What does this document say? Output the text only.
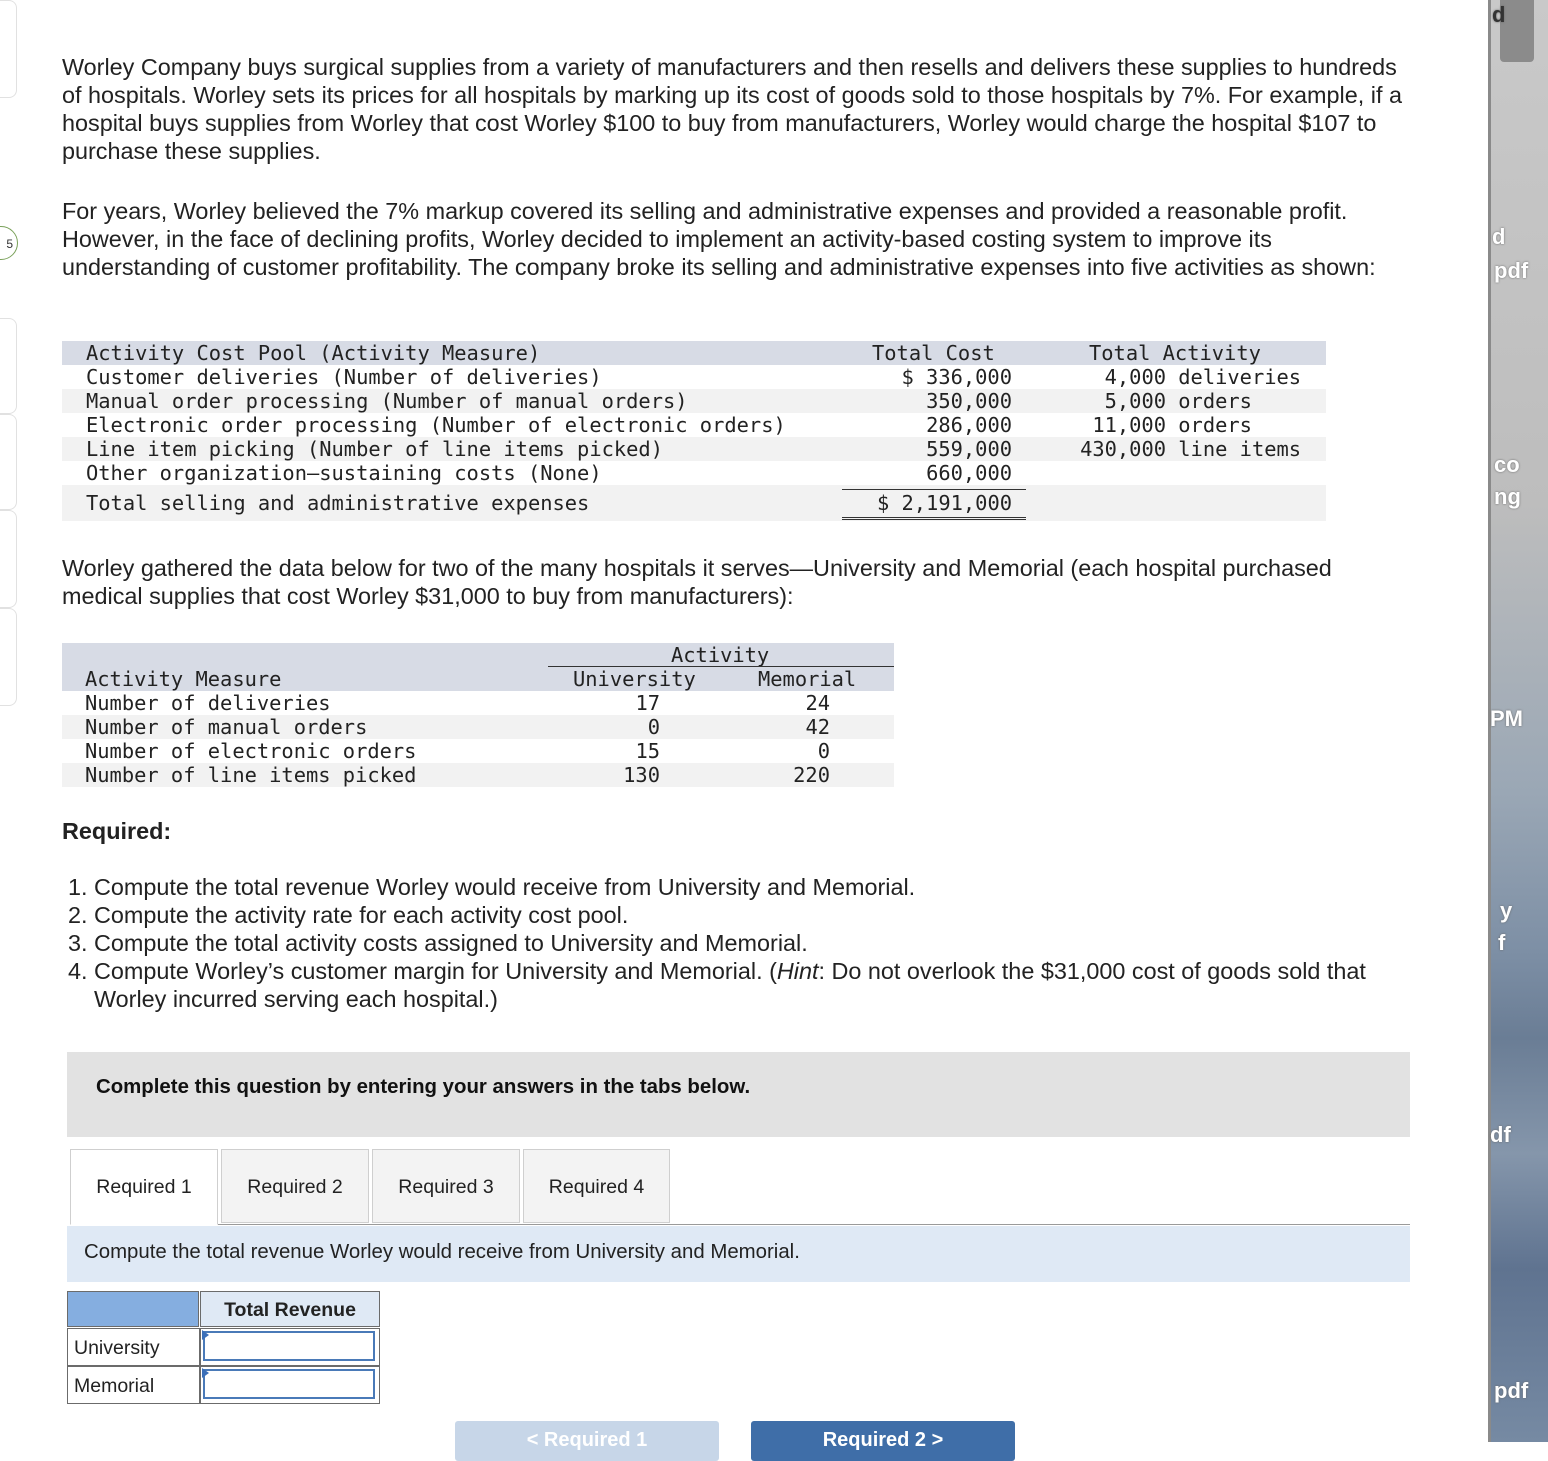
5

Worley Company buys surgical supplies from a variety of manufacturers and then resells and delivers these supplies to hundreds of hospitals. Worley sets its prices for all hospitals by marking up its cost of goods sold to those hospitals by 7%. For example, if a hospital buys supplies from Worley that cost Worley $100 to buy from manufacturers, Worley would charge the hospital $107 to purchase these supplies.

For years, Worley believed the 7% markup covered its selling and administrative expenses and provided a reasonable profit. However, in the face of declining profits, Worley decided to implement an activity-based costing system to improve its understanding of customer profitability. The company broke its selling and administrative expenses into five activities as shown:

Activity Cost Pool (Activity Measure)	Total Cost	Total Activity
Customer deliveries (Number of deliveries)	$ 336,000	4,000 deliveries
Manual order processing (Number of manual orders)	350,000	5,000 orders
Electronic order processing (Number of electronic orders)	286,000	11,000 orders
Line item picking (Number of line items picked)	559,000	430,000 line items
Other organization–sustaining costs (None)	660,000
Total selling and administrative expenses	$ 2,191,000

Worley gathered the data below for two of the many hospitals it serves—University and Memorial (each hospital purchased medical supplies that cost Worley $31,000 to buy from manufacturers):

Activity
Activity Measure	University	Memorial
Number of deliveries	17	24
Number of manual orders	0	42
Number of electronic orders	15	0
Number of line items picked	130	220
Required:
1. Compute the total revenue Worley would receive from University and Memorial.
2. Compute the activity rate for each activity cost pool.
3. Compute the total activity costs assigned to University and Memorial.
4. Compute Worley’s customer margin for University and Memorial. (Hint: Do not overlook the $31,000 cost of goods sold that Worley incurred serving each hospital.)
Complete this question by entering your answers in the tabs below.
Required 1	Required 2	Required 3	Required 4
Compute the total revenue Worley would receive from University and Memorial.
Total Revenue
University
Memorial
< Required 1	Required 2 >
d
d
pdf
co
ng
PM
y
f
df
pdf
